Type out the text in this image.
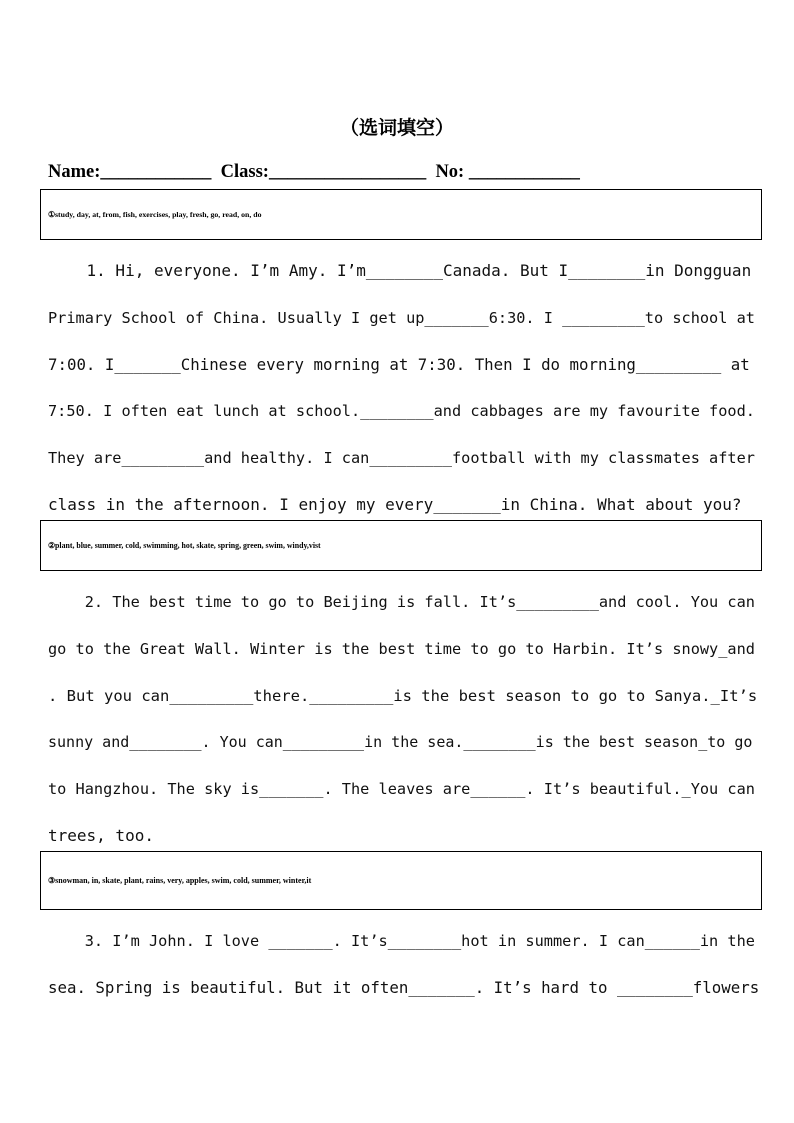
（选词填空）
Name:____________  Class:_________________  No: ____________
①study, day, at, from, fish, exercises, play, fresh, go, read, on, do
1. Hi, everyone. I’m Amy. I’m________Canada. But I________in Dongguan
Primary School of China. Usually I get up_______6:30. I _________to school at
7:00. I_______Chinese every morning at 7:30. Then I do morning_________ at
7:50. I often eat lunch at school.________and cabbages are my favourite food.
They are_________and healthy. I can_________football with my classmates after
class in the afternoon. I enjoy my every_______in China. What about you?
②plant, blue, summer, cold, swimming, hot, skate, spring, green, swim, windy,vist
2. The best time to go to Beijing is fall. It’s_________and cool. You can
go to the Great Wall. Winter is the best time to go to Harbin. It’s snowy_and
. But you can_________there._________is the best season to go to Sanya._It’s
sunny and________. You can_________in the sea.________is the best season_to go
to Hangzhou. The sky is_______. The leaves are______. It’s beautiful._You can
trees, too.
③snowman, in, skate, plant, rains, very, apples, swim, cold, summer, winter,it
3. I’m John. I love _______. It’s________hot in summer. I can______in the
sea. Spring is beautiful. But it often_______. It’s hard to ________flowers
